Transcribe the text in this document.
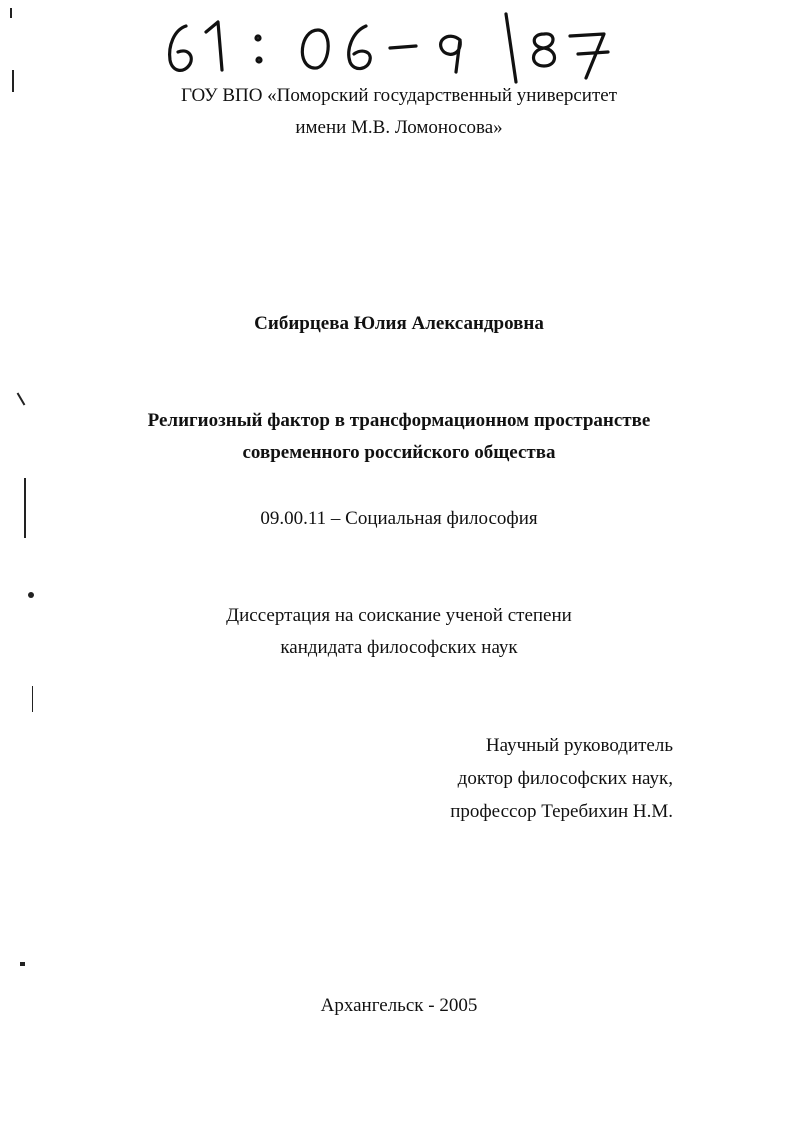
ГОУ ВПО «Поморский государственный университет
имени М.В. Ломоносова»
Сибирцева Юлия Александровна
Религиозный фактор в трансформационном пространстве
современного российского общества
09.00.11 – Социальная философия
Диссертация на соискание ученой степени
кандидата философских наук
Научный руководитель
доктор философских наук,
профессор Теребихин Н.М.
Архангельск - 2005
